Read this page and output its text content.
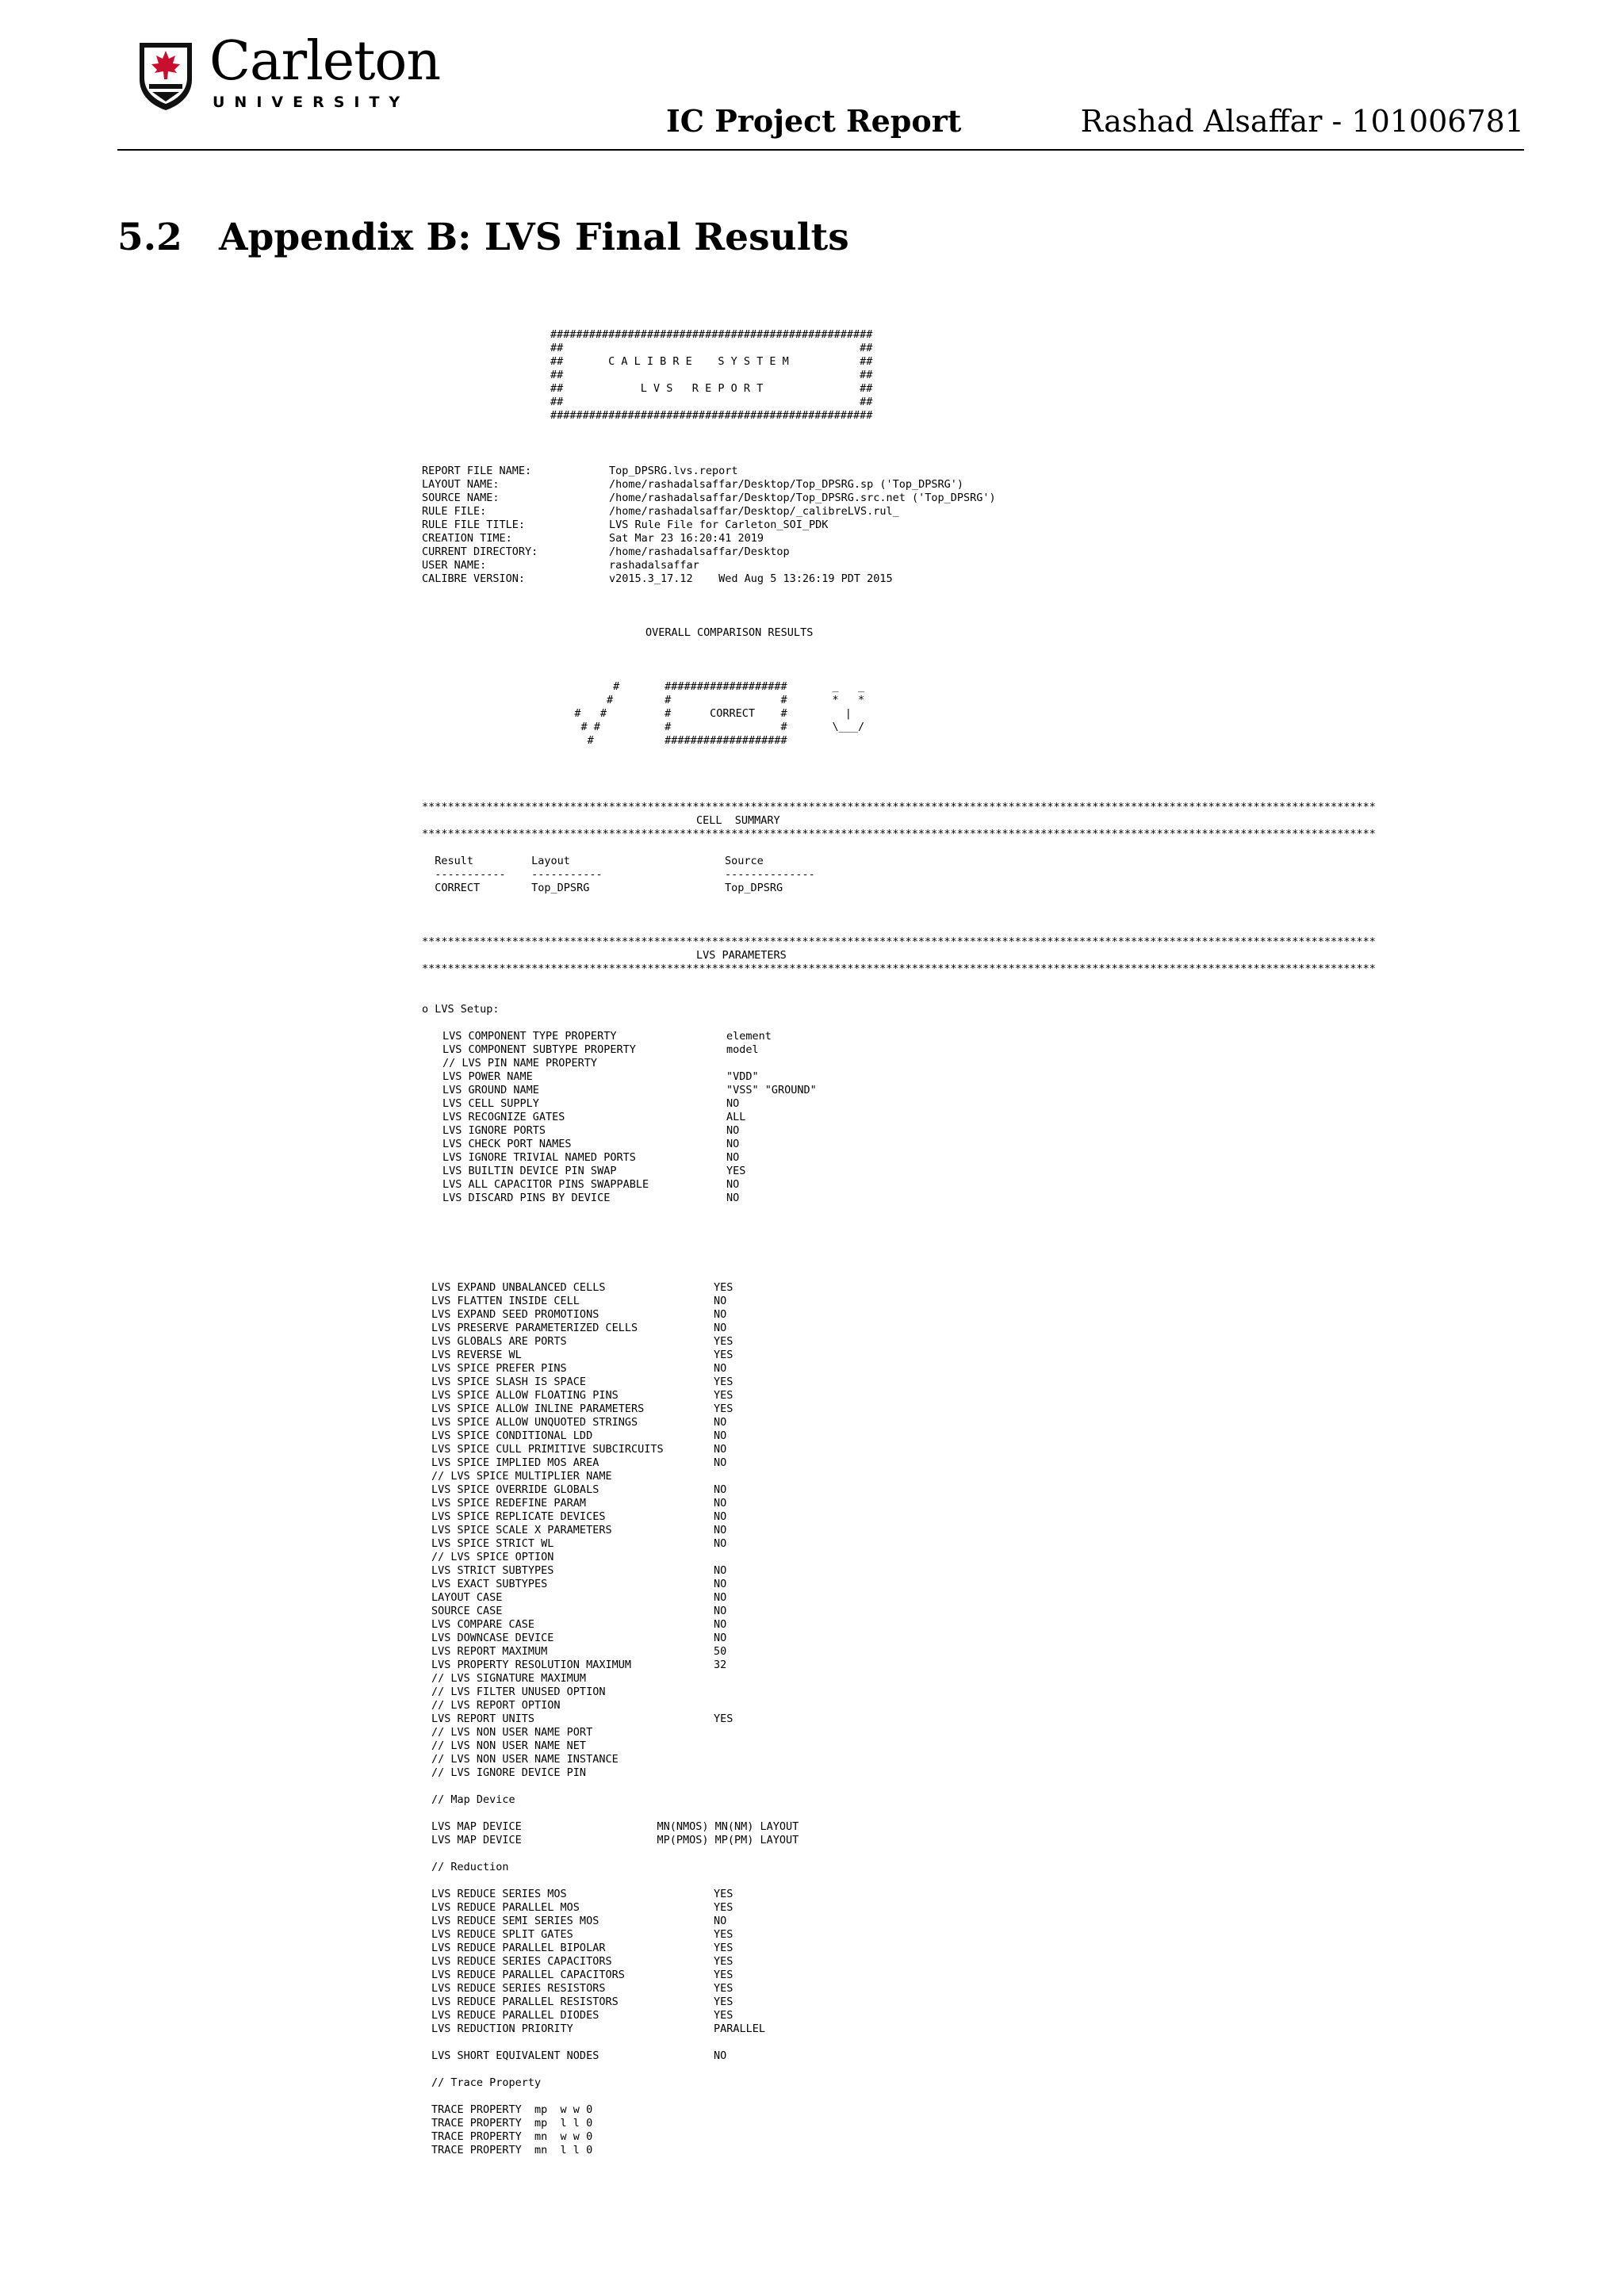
Carleton
UNIVERSITY
IC Project Report	Rashad Alsaffar - 101006781
5.2 Appendix B: LVS Final Results
##################################################
##                                              ##
##       C A L I B R E    S Y S T E M           ##
##                                              ##
##            L V S   R E P O R T               ##
##                                              ##
##################################################
REPORT FILE NAME:	Top_DPSRG.lvs.report
LAYOUT NAME:	/home/rashadalsaffar/Desktop/Top_DPSRG.sp ('Top_DPSRG')
SOURCE NAME:	/home/rashadalsaffar/Desktop/Top_DPSRG.src.net ('Top_DPSRG')
RULE FILE:	/home/rashadalsaffar/Desktop/_calibreLVS.rul_
RULE FILE TITLE:	LVS Rule File for Carleton_SOI_PDK
CREATION TIME:	Sat Mar 23 16:20:41 2019
CURRENT DIRECTORY:	/home/rashadalsaffar/Desktop
USER NAME:	rashadalsaffar
CALIBRE VERSION:	v2015.3_17.12    Wed Aug 5 13:26:19 PDT 2015
OVERALL COMPARISON RESULTS
#       ###################       _   _
#        #                 #       *   *
#   #         #      CORRECT    #         |
# #          #                 #       \___/
#           ###################
****************************************************************************************************************************************************
CELL  SUMMARY
****************************************************************************************************************************************************
Result         Layout                        Source
-----------    -----------                   --------------
CORRECT        Top_DPSRG                     Top_DPSRG
****************************************************************************************************************************************************
LVS PARAMETERS
****************************************************************************************************************************************************
o LVS Setup:
LVS COMPONENT TYPE PROPERTY	element
LVS COMPONENT SUBTYPE PROPERTY	model
// LVS PIN NAME PROPERTY
LVS POWER NAME	"VDD"
LVS GROUND NAME	"VSS" "GROUND"
LVS CELL SUPPLY	NO
LVS RECOGNIZE GATES	ALL
LVS IGNORE PORTS	NO
LVS CHECK PORT NAMES	NO
LVS IGNORE TRIVIAL NAMED PORTS	NO
LVS BUILTIN DEVICE PIN SWAP	YES
LVS ALL CAPACITOR PINS SWAPPABLE	NO
LVS DISCARD PINS BY DEVICE	NO
LVS EXPAND UNBALANCED CELLS	YES
LVS FLATTEN INSIDE CELL	NO
LVS EXPAND SEED PROMOTIONS	NO
LVS PRESERVE PARAMETERIZED CELLS	NO
LVS GLOBALS ARE PORTS	YES
LVS REVERSE WL	YES
LVS SPICE PREFER PINS	NO
LVS SPICE SLASH IS SPACE	YES
LVS SPICE ALLOW FLOATING PINS	YES
LVS SPICE ALLOW INLINE PARAMETERS	YES
LVS SPICE ALLOW UNQUOTED STRINGS	NO
LVS SPICE CONDITIONAL LDD	NO
LVS SPICE CULL PRIMITIVE SUBCIRCUITS	NO
LVS SPICE IMPLIED MOS AREA	NO
// LVS SPICE MULTIPLIER NAME
LVS SPICE OVERRIDE GLOBALS	NO
LVS SPICE REDEFINE PARAM	NO
LVS SPICE REPLICATE DEVICES	NO
LVS SPICE SCALE X PARAMETERS	NO
LVS SPICE STRICT WL	NO
// LVS SPICE OPTION
LVS STRICT SUBTYPES	NO
LVS EXACT SUBTYPES	NO
LAYOUT CASE	NO
SOURCE CASE	NO
LVS COMPARE CASE	NO
LVS DOWNCASE DEVICE	NO
LVS REPORT MAXIMUM	50
LVS PROPERTY RESOLUTION MAXIMUM	32
// LVS SIGNATURE MAXIMUM
// LVS FILTER UNUSED OPTION
// LVS REPORT OPTION
LVS REPORT UNITS	YES
// LVS NON USER NAME PORT
// LVS NON USER NAME NET
// LVS NON USER NAME INSTANCE
// LVS IGNORE DEVICE PIN
// Map Device
LVS MAP DEVICE                     MN(NMOS) MN(NM) LAYOUT
LVS MAP DEVICE                     MP(PMOS) MP(PM) LAYOUT
// Reduction
LVS REDUCE SERIES MOS	YES
LVS REDUCE PARALLEL MOS	YES
LVS REDUCE SEMI SERIES MOS	NO
LVS REDUCE SPLIT GATES	YES
LVS REDUCE PARALLEL BIPOLAR	YES
LVS REDUCE SERIES CAPACITORS	YES
LVS REDUCE PARALLEL CAPACITORS	YES
LVS REDUCE SERIES RESISTORS	YES
LVS REDUCE PARALLEL RESISTORS	YES
LVS REDUCE PARALLEL DIODES	YES
LVS REDUCTION PRIORITY	PARALLEL
LVS SHORT EQUIVALENT NODES	NO
// Trace Property
TRACE PROPERTY  mp  w w 0
TRACE PROPERTY  mp  l l 0
TRACE PROPERTY  mn  w w 0
TRACE PROPERTY  mn  l l 0
